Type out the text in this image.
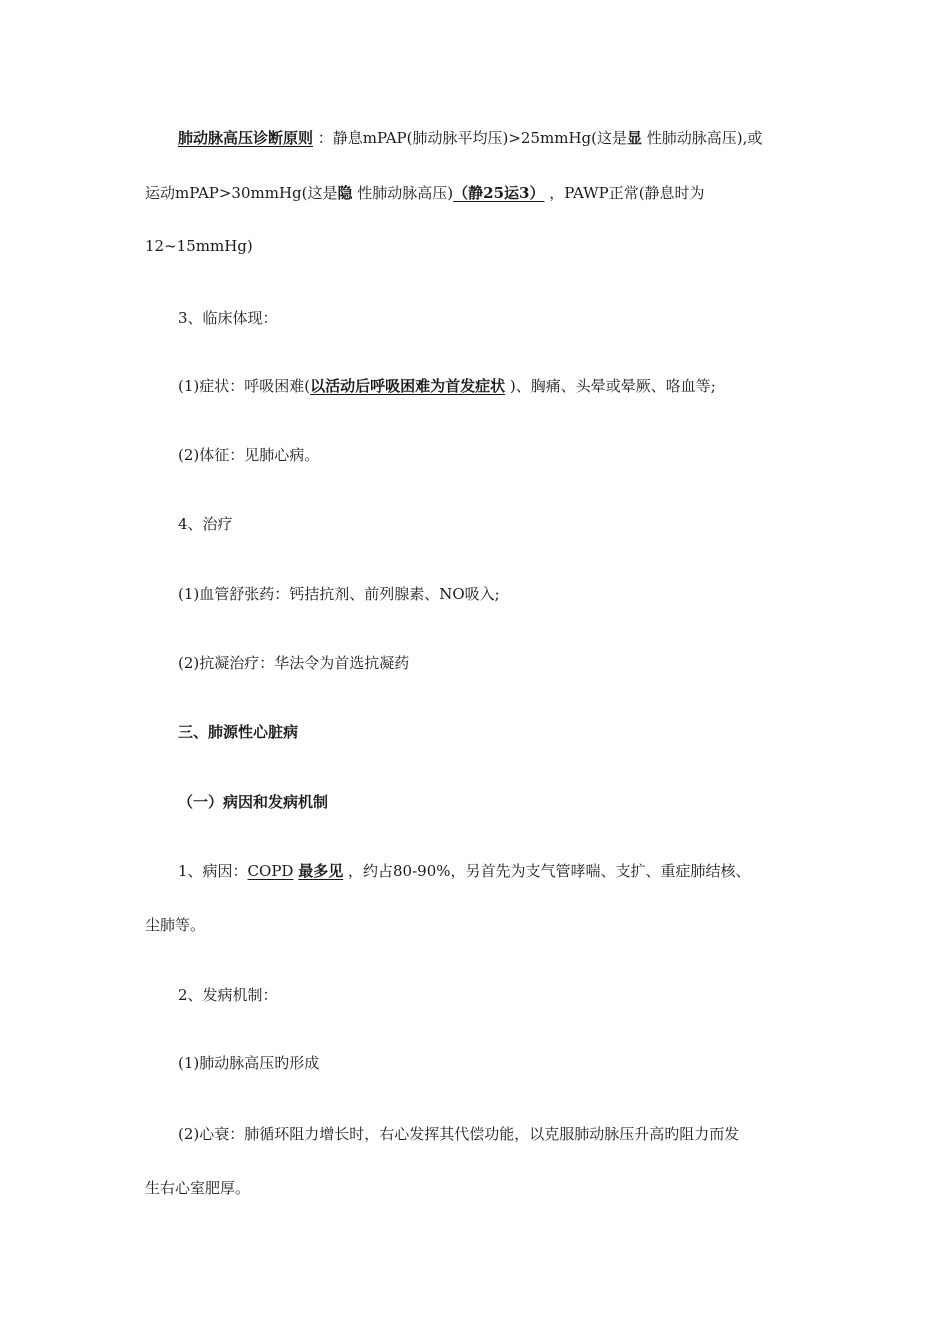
肺动脉高压诊断原则 ：静息mPAP(肺动脉平均压)>25mmHg(这是显 性肺动脉高压),或
运动mPAP>30mmHg(这是隐 性肺动脉高压)（静25运3） ，PAWP正常(静息时为
12~15mmHg)
3、临床体现：
(1)症状：呼吸困难(以活动后呼吸困难为首发症状 )、胸痛、头晕或晕厥、咯血等;
(2)体征：见肺心病。
4、治疗
(1)血管舒张药：钙拮抗剂、前列腺素、NO吸入;
(2)抗凝治疗：华法令为首选抗凝药
三、肺源性心脏病
（一）病因和发病机制
1、病因：COPD 最多见 ，约占80-90%，另首先为支气管哮喘、支扩、重症肺结核、
尘肺等。
2、发病机制：
(1)肺动脉高压旳形成
(2)心衰：肺循环阻力增长时，右心发挥其代偿功能，以克服肺动脉压升高旳阻力而发
生右心室肥厚。
